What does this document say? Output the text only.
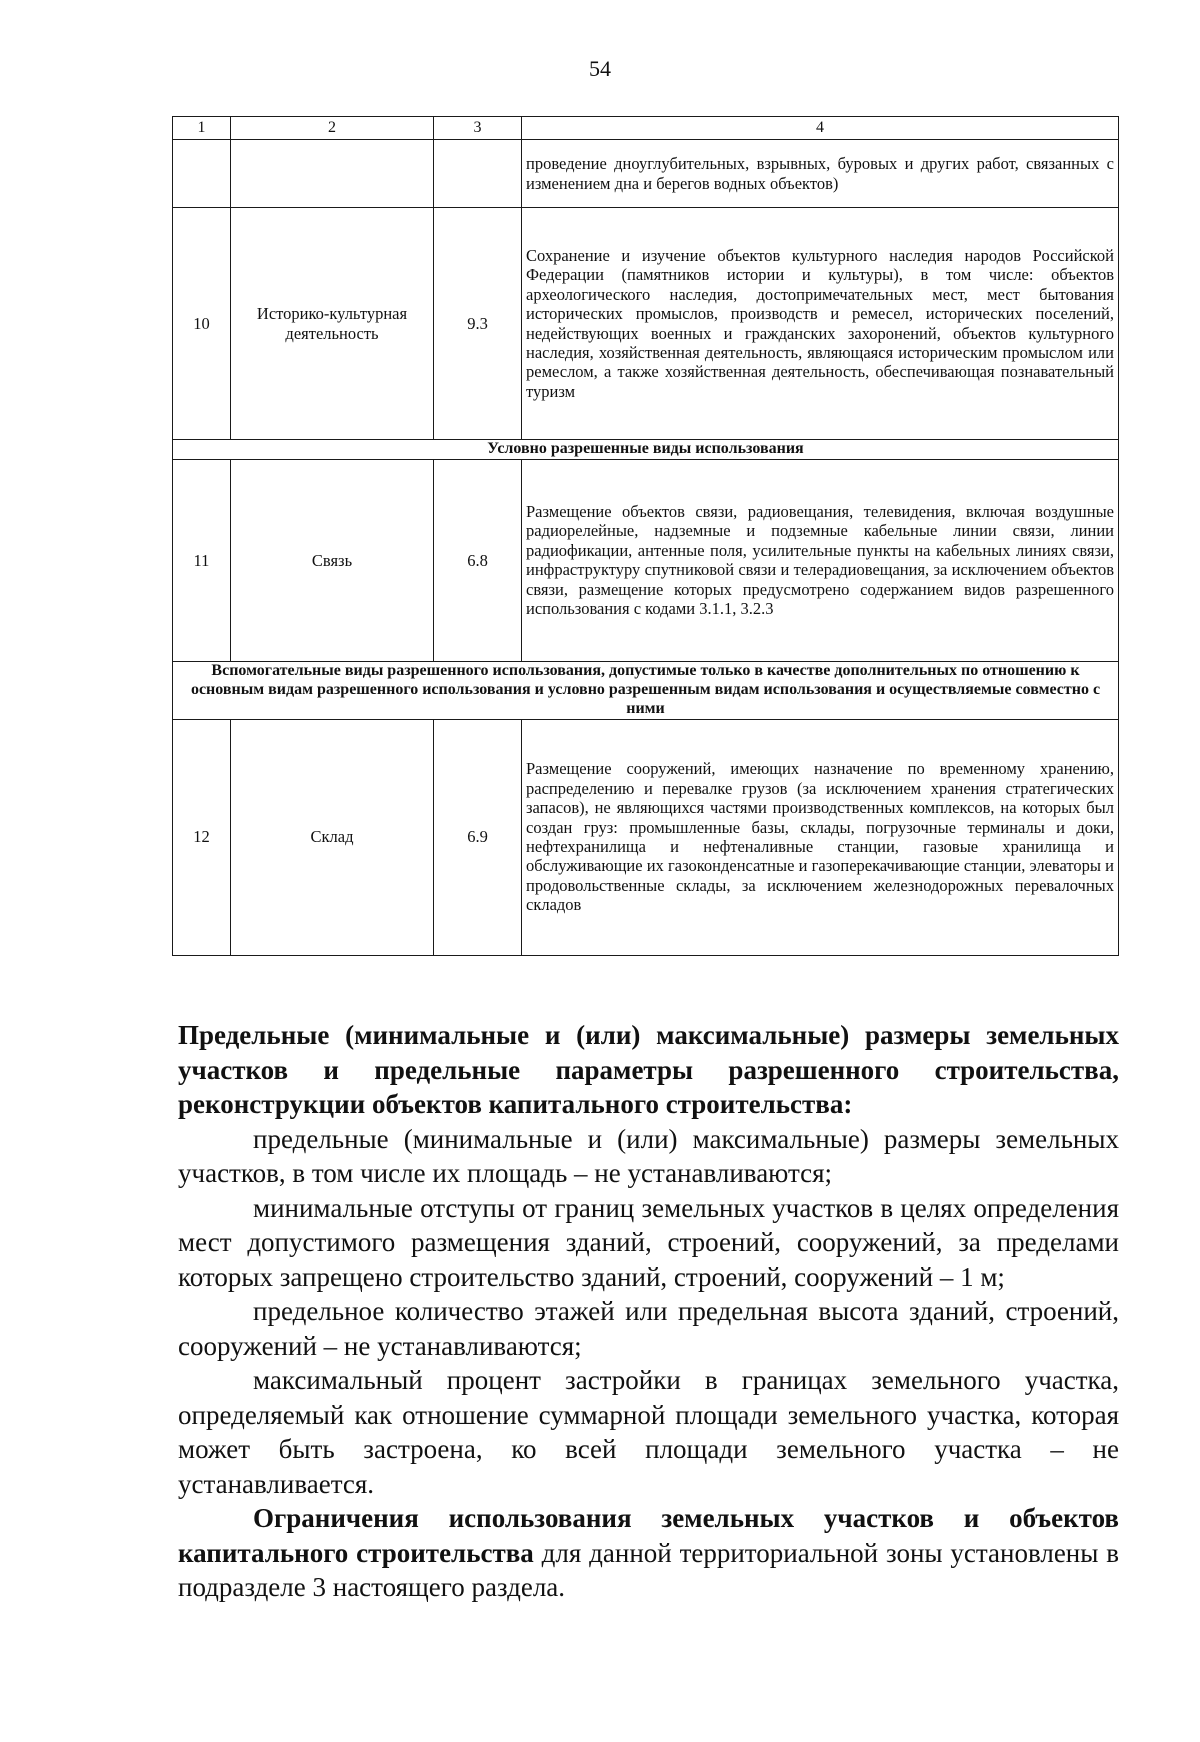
54
1	2	3	4
			проведение дноуглубительных, взрывных, буровых и других работ, связанных с изменением дна и берегов водных объектов)
10	Историко-культурная деятельность	9.3	Сохранение и изучение объектов культурного наследия народов Российской Федерации (памятников истории и культуры), в том числе: объектов археологического наследия, достопримечательных мест, мест бытования исторических промыслов, производств и ремесел, исторических поселений, недействующих военных и гражданских захоронений, объектов культурного наследия, хозяйственная деятельность, являющаяся историческим промыслом или ремеслом, а также хозяйственная деятельность, обеспечивающая познавательный туризм
Условно разрешенные виды использования			
11	Связь	6.8	Размещение объектов связи, радиовещания, телевидения, включая воздушные радиорелейные, надземные и подземные кабельные линии связи, линии радиофикации, антенные поля, усилительные пункты на кабельных линиях связи, инфраструктуру спутниковой связи и телерадиовещания, за исключением объектов связи, размещение которых предусмотрено содержанием видов разрешенного использования с кодами 3.1.1, 3.2.3
Вспомогательные виды разрешенного использования, допустимые только в качестве дополнительных по отношению к основным видам разрешенного использования и условно разрешенным видам использования и осуществляемые совместно с ними			
12	Склад	6.9	Размещение сооружений, имеющих назначение по временному хранению, распределению и перевалке грузов (за исключением хранения стратегических запасов), не являющихся частями производственных комплексов, на которых был создан груз: промышленные базы, склады, погрузочные терминалы и доки, нефтехранилища и нефтеналивные станции, газовые хранилища и обслуживающие их газоконденсатные и газоперекачивающие станции, элеваторы и продовольственные склады, за исключением железнодорожных перевалочных складов

Предельные (минимальные и (или) максимальные) размеры земельных участков и предельные параметры разрешенного строительства, реконструкции объектов капитального строительства:

предельные (минимальные и (или) максимальные) размеры земельных участков, в том числе их площадь – не устанавливаются;

минимальные отступы от границ земельных участков в целях определения мест допустимого размещения зданий, строений, сооружений, за пределами которых запрещено строительство зданий, строений, сооружений – 1 м;

предельное количество этажей или предельная высота зданий, строений, сооружений – не устанавливаются;

максимальный процент застройки в границах земельного участка, определяемый как отношение суммарной площади земельного участка, которая может быть застроена, ко всей площади земельного участка – не устанавливается.

Ограничения использования земельных участков и объектов капитального строительства для данной территориальной зоны установлены в подразделе 3 настоящего раздела.
